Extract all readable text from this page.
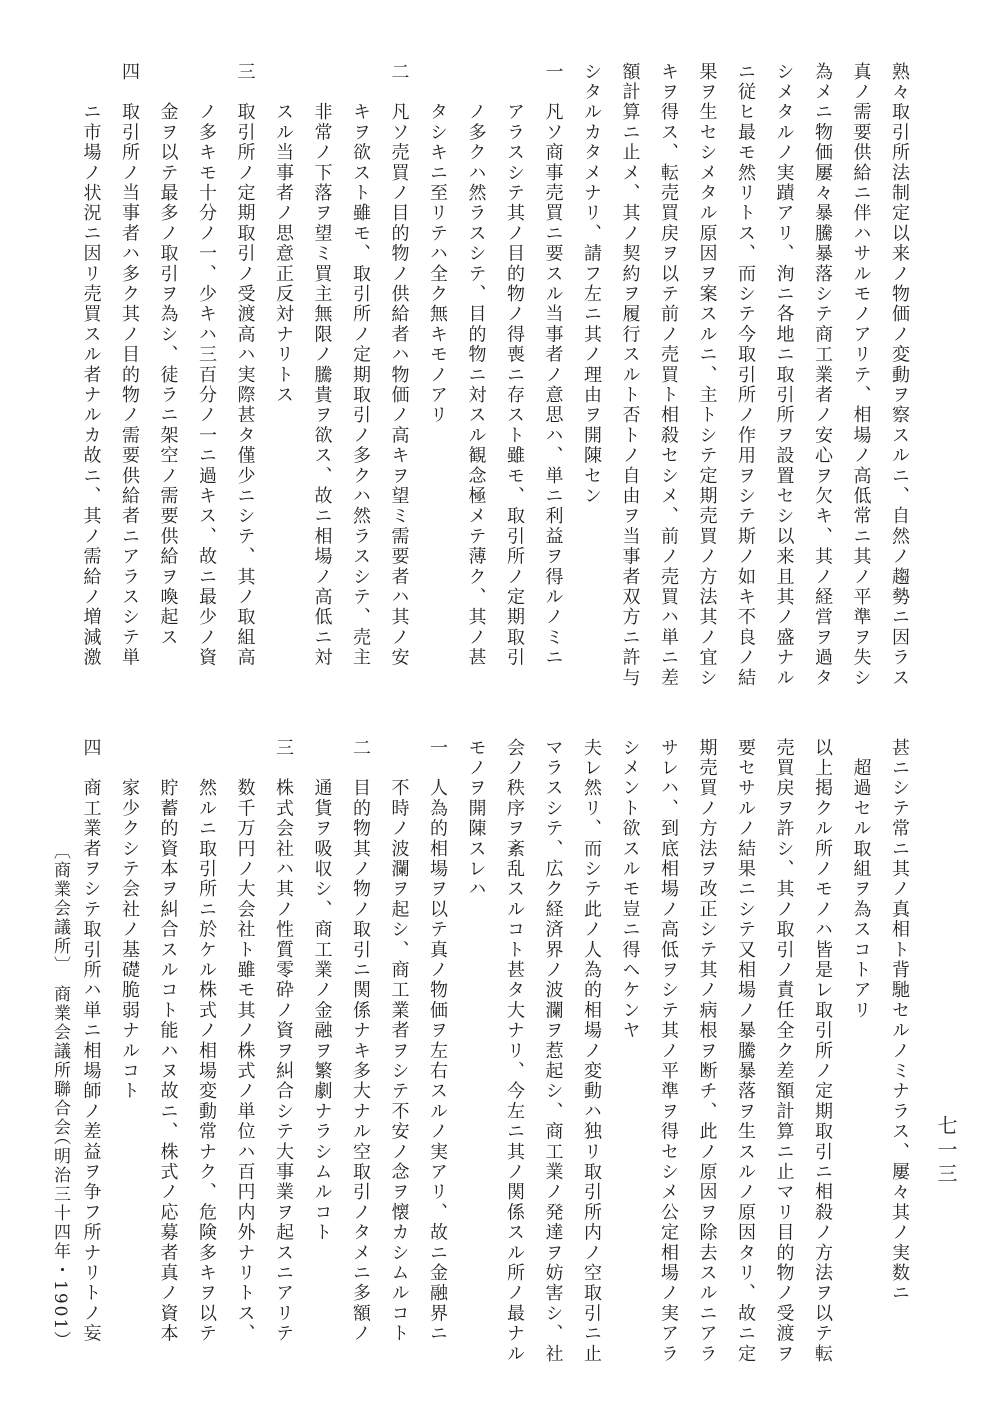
熟々取引所法制定以来ノ物価ノ変動ヲ察スルニ、自然ノ趨勢ニ因ラス
真ノ需要供給ニ伴ハサルモノアリテ、相場ノ高低常ニ其ノ平準ヲ失シ
為メニ物価屢々暴騰暴落シテ商工業者ノ安心ヲ欠キ、其ノ経営ヲ過タ
シメタルノ実蹟アリ、洵ニ各地ニ取引所ヲ設置セシ以来且其ノ盛ナル
ニ従ヒ最モ然リトス、而シテ今取引所ノ作用ヲシテ斯ノ如キ不良ノ結
果ヲ生セシメタル原因ヲ案スルニ、主トシテ定期売買ノ方法其ノ宜シ
キヲ得ス、転売買戻ヲ以テ前ノ売買ト相殺セシメ、前ノ売買ハ単ニ差
額計算ニ止メ、其ノ契約ヲ履行スルト否トノ自由ヲ当事者双方ニ許与
シタルカタメナリ、請フ左ニ其ノ理由ヲ開陳セン
一　凡ソ商事売買ニ要スル当事者ノ意思ハ、単ニ利益ヲ得ルノミニ
　　アラスシテ其ノ目的物ノ得喪ニ存スト雖モ、取引所ノ定期取引
　　ノ多クハ然ラスシテ、目的物ニ対スル観念極メテ薄ク、其ノ甚
　　タシキニ至リテハ全ク無キモノアリ
二　凡ソ売買ノ目的物ノ供給者ハ物価ノ高キヲ望ミ需要者ハ其ノ安
　　キヲ欲スト雖モ、取引所ノ定期取引ノ多クハ然ラスシテ、売主
　　非常ノ下落ヲ望ミ買主無限ノ騰貴ヲ欲ス、故ニ相場ノ高低ニ対
　　スル当事者ノ思意正反対ナリトス
三　取引所ノ定期取引ノ受渡高ハ実際甚タ僅少ニシテ、其ノ取組高
　　ノ多キモ十分ノ一、少キハ三百分ノ一ニ過キス、故ニ最少ノ資
　　金ヲ以テ最多ノ取引ヲ為シ、徒ラニ架空ノ需要供給ヲ喚起ス
四　取引所ノ当事者ハ多ク其ノ目的物ノ需要供給者ニアラスシテ単
　　ニ市場ノ状況ニ因リ売買スル者ナルカ故ニ、其ノ需給ノ増減激
甚ニシテ常ニ其ノ真相ト背馳セルノミナラス、屢々其ノ実数ニ
　超過セル取組ヲ為スコトアリ
以上掲クル所ノモノハ皆是レ取引所ノ定期取引ニ相殺ノ方法ヲ以テ転
売買戻ヲ許シ、其ノ取引ノ責任全ク差額計算ニ止マリ目的物ノ受渡ヲ
要セサルノ結果ニシテ又相場ノ暴騰暴落ヲ生スルノ原因タリ、故ニ定
期売買ノ方法ヲ改正シテ其ノ病根ヲ断チ、此ノ原因ヲ除去スルニアラ
サレハ、到底相場ノ高低ヲシテ其ノ平準ヲ得セシメ公定相場ノ実アラ
シメント欲スルモ豈ニ得ヘケンヤ
夫レ然リ、而シテ此ノ人為的相場ノ変動ハ独リ取引所内ノ空取引ニ止
マラスシテ、広ク経済界ノ波瀾ヲ惹起シ、商工業ノ発達ヲ妨害シ、社
会ノ秩序ヲ紊乱スルコト甚タ大ナリ、今左ニ其ノ関係スル所ノ最ナル
モノヲ開陳スレハ
一　人為的相場ヲ以テ真ノ物価ヲ左右スルノ実アリ、故ニ金融界ニ
　　不時ノ波瀾ヲ起シ、商工業者ヲシテ不安ノ念ヲ懐カシムルコト
二　目的物其ノ物ノ取引ニ関係ナキ多大ナル空取引ノタメニ多額ノ
　　通貨ヲ吸収シ、商工業ノ金融ヲ繁劇ナラシムルコト
三　株式会社ハ其ノ性質零砕ノ資ヲ糾合シテ大事業ヲ起スニアリテ
　　数千万円ノ大会社ト雖モ其ノ株式ノ単位ハ百円内外ナリトス、
　　然ルニ取引所ニ於ケル株式ノ相場変動常ナク、危険多キヲ以テ
　　貯蓄的資本ヲ糾合スルコト能ハヌ故ニ、株式ノ応募者真ノ資本
　　家少クシテ会社ノ基礎脆弱ナルコト
四　商工業者ヲシテ取引所ハ単ニ相場師ノ差益ヲ争フ所ナリトノ妄
〔商業会議所〕
商業会議所聯合会
（明治三十四年・1901）	七一三
